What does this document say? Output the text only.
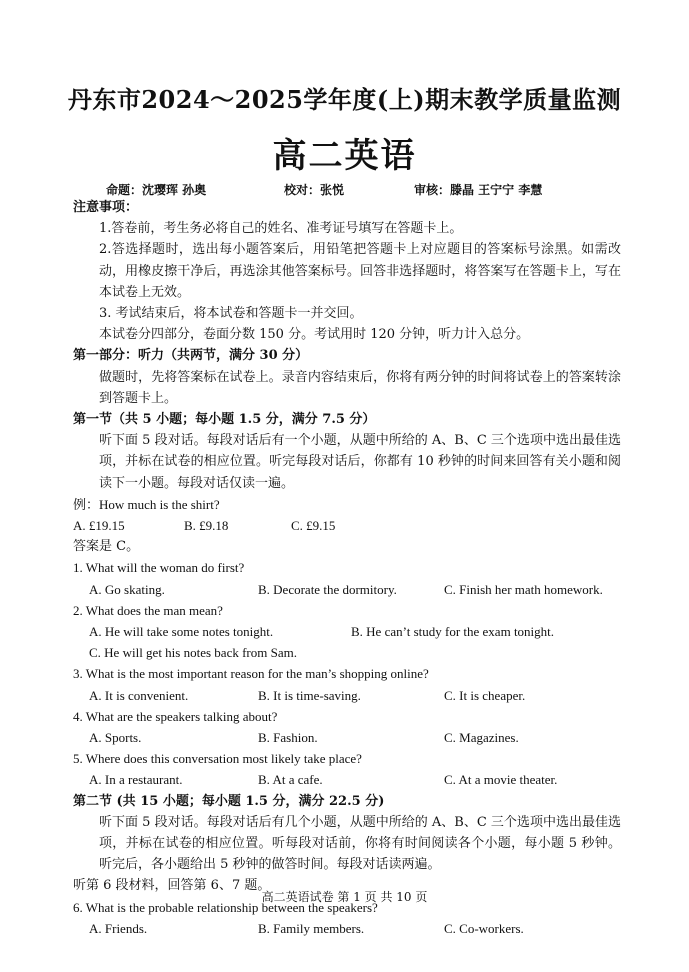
丹东市2024～2025学年度(上)期末教学质量监测
高二英语
命题：沈璎珲 孙奥	校对：张悦	审核：滕晶 王宁宁 李慧
注意事项：
1.答卷前，考生务必将自己的姓名、准考证号填写在答题卡上。
2.答选择题时，选出每小题答案后，用铅笔把答题卡上对应题目的答案标号涂黑。如需改动，用橡皮擦干净后，再选涂其他答案标号。回答非选择题时，将答案写在答题卡上，写在本试卷上无效。
3. 考试结束后，将本试卷和答题卡一并交回。
本试卷分四部分，卷面分数 150 分。考试用时 120 分钟，听力计入总分。
第一部分：听力（共两节，满分 30 分）
做题时，先将答案标在试卷上。录音内容结束后，你将有两分钟的时间将试卷上的答案转涂到答题卡上。
第一节（共 5 小题；每小题 1.5 分，满分 7.5 分）
听下面 5 段对话。每段对话后有一个小题，从题中所给的 A、B、C 三个选项中选出最佳选项，并标在试卷的相应位置。听完每段对话后，你都有 10 秒钟的时间来回答有关小题和阅读下一小题。每段对话仅读一遍。
例：How much is the shirt?
A. £19.15	B. £9.18	C. £9.15
答案是 C。
1. What will the woman do first?
A. Go skating.	B. Decorate the dormitory.	C. Finish her math homework.
2. What does the man mean?
A. He will take some notes tonight.	B. He can’t study for the exam tonight.
C. He will get his notes back from Sam.
3. What is the most important reason for the man’s shopping online?
A. It is convenient.	B. It is time-saving.	C. It is cheaper.
4. What are the speakers talking about?
A. Sports.	B. Fashion.	C. Magazines.
5. Where does this conversation most likely take place?
A. In a restaurant.	B. At a cafe.	C. At a movie theater.
第二节 (共 15 小题；每小题 1.5 分，满分 22.5 分)
听下面 5 段对话。每段对话后有几个小题，从题中所给的 A、B、C 三个选项中选出最佳选项，并标在试卷的相应位置。听每段对话前，你将有时间阅读各个小题，每小题 5 秒钟。听完后，各小题给出 5 秒钟的做答时间。每段对话读两遍。
听第 6 段材料，回答第 6、7 题。
6. What is the probable relationship between the speakers?
A. Friends.	B. Family members.	C. Co-workers.
高二英语试卷 第 1 页 共 10 页
